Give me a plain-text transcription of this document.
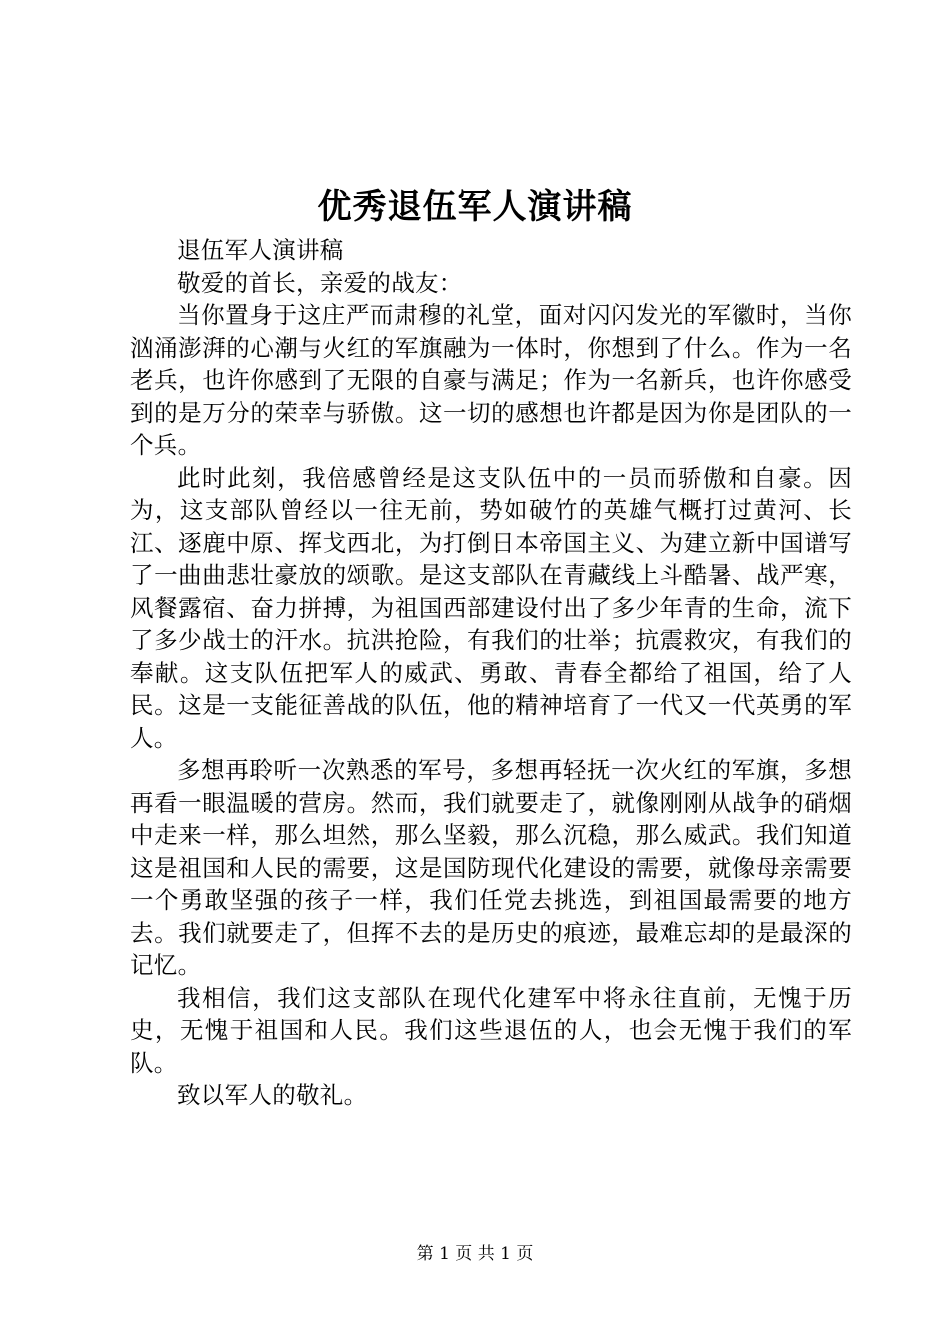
优秀退伍军人演讲稿

退伍军人演讲稿

敬爱的首长，亲爱的战友：

当你置身于这庄严而肃穆的礼堂，面对闪闪发光的军徽时，当你汹涌澎湃的心潮与火红的军旗融为一体时，你想到了什么。作为一名老兵，也许你感到了无限的自豪与满足；作为一名新兵，也许你感受到的是万分的荣幸与骄傲。这一切的感想也许都是因为你是团队的一个兵。

此时此刻，我倍感曾经是这支队伍中的一员而骄傲和自豪。因为，这支部队曾经以一往无前，势如破竹的英雄气概打过黄河、长江、逐鹿中原、挥戈西北，为打倒日本帝国主义、为建立新中国谱写了一曲曲悲壮豪放的颂歌。是这支部队在青藏线上斗酷暑、战严寒，风餐露宿、奋力拼搏，为祖国西部建设付出了多少年青的生命，流下了多少战士的汗水。抗洪抢险，有我们的壮举；抗震救灾，有我们的奉献。这支队伍把军人的威武、勇敢、青春全都给了祖国，给了人民。这是一支能征善战的队伍，他的精神培育了一代又一代英勇的军人。

多想再聆听一次熟悉的军号，多想再轻抚一次火红的军旗，多想再看一眼温暖的营房。然而，我们就要走了，就像刚刚从战争的硝烟中走来一样，那么坦然，那么坚毅，那么沉稳，那么威武。我们知道这是祖国和人民的需要，这是国防现代化建设的需要，就像母亲需要一个勇敢坚强的孩子一样，我们任党去挑选，到祖国最需要的地方去。我们就要走了，但挥不去的是历史的痕迹，最难忘却的是最深的记忆。

我相信，我们这支部队在现代化建军中将永往直前，无愧于历史，无愧于祖国和人民。我们这些退伍的人，也会无愧于我们的军队。

致以军人的敬礼。

第 1 页 共 1 页
